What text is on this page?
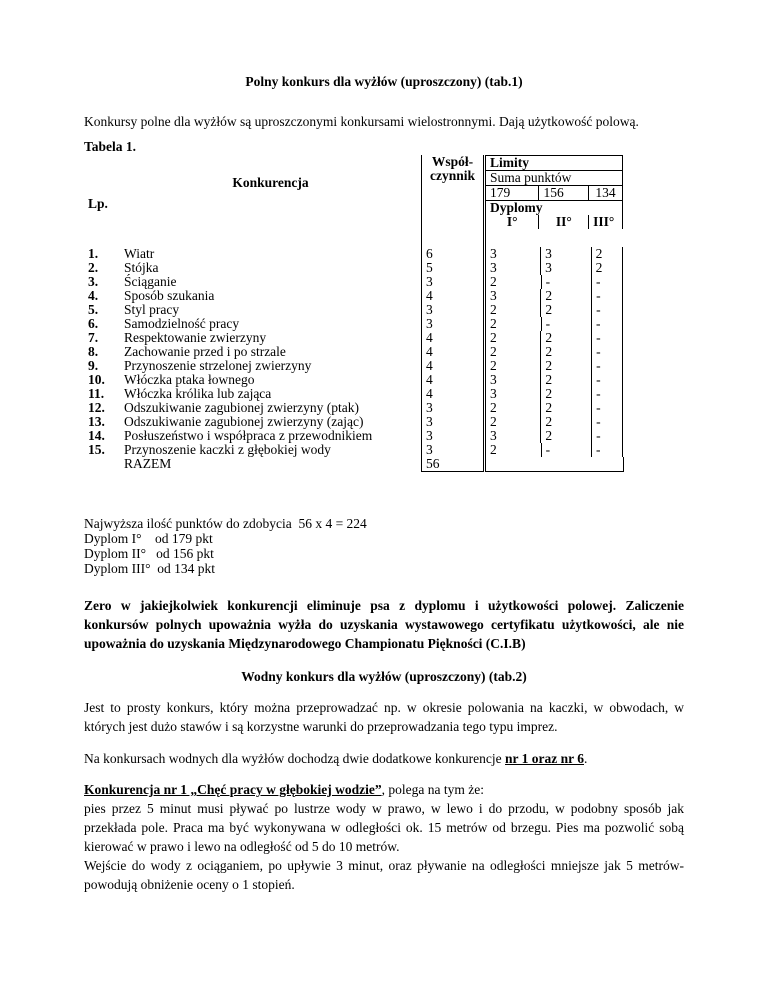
Polny konkurs dla wyżłów (uproszczony) (tab.1)
Konkursy polne dla wyżłów są uproszczonymi konkursami wielostronnymi. Dają użytkowość polową.
Tabela 1.
Lp.	Konkurencja	
Współ-
czynnik

Limity
Suma punktów
179	156	134
Dyplomy
I°	II°	III°

1.	Wiatr	6		3	3	2

2.	Stójka	5		3	3	2

3.	Ściąganie	3		2	-	-

4.	Sposób szukania	4		3	2	-

5.	Styl pracy	3		2	2	-

6.	Samodzielność pracy	3		2	-	-

7.	Respektowanie zwierzyny	4		2	2	-

8.	Zachowanie przed i po strzale	4		2	2	-

9.	Przynoszenie strzelonej zwierzyny	4		2	2	-

10.	Włóczka ptaka łownego	4		3	2	-

11.	Włóczka królika lub zająca	4		3	2	-

12.	Odszukiwanie zagubionej zwierzyny (ptak)	3		2	2	-

13.	Odszukiwanie zagubionej zwierzyny (zając)	3		2	2	-

14.	Posłuszeństwo i współpraca z przewodnikiem	3		3	2	-

15.	Przynoszenie kaczki z głębokiej wody	3		2	-	-

	RAZEM	56	
Najwyższa ilość punktów do zdobycia  56 x 4 = 224
Dyplom I°    od 179 pkt
Dyplom II°   od 156 pkt
Dyplom III°  od 134 pkt
Zero w jakiejkolwiek konkurencji eliminuje psa z dyplomu i użytkowości polowej. Zaliczenie konkursów polnych upoważnia wyżła do uzyskania wystawowego certyfikatu użytkowości, ale nie upoważnia do uzyskania Międzynarodowego Championatu Piękności (C.I.B)
Wodny konkurs dla wyżłów (uproszczony) (tab.2)
Jest to prosty konkurs, który można przeprowadzać np. w okresie polowania na kaczki, w obwodach, w których jest dużo stawów i są korzystne warunki do przeprowadzania tego typu imprez.
Na konkursach wodnych dla wyżłów dochodzą dwie dodatkowe konkurencje nr 1 oraz nr 6.
Konkurencja nr 1 „Chęć pracy w głębokiej wodzie”, polega na tym że:
pies przez 5 minut musi pływać po lustrze wody w prawo, w lewo i do przodu, w podobny sposób jak przekłada pole. Praca ma być wykonywana w odległości ok. 15 metrów od brzegu. Pies ma pozwolić sobą kierować w prawo i lewo na odległość od 5 do 10 metrów.
Wejście do wody z ociąganiem, po upływie 3 minut, oraz pływanie na odległości mniejsze jak 5 metrów- powodują obniżenie oceny o 1 stopień.
